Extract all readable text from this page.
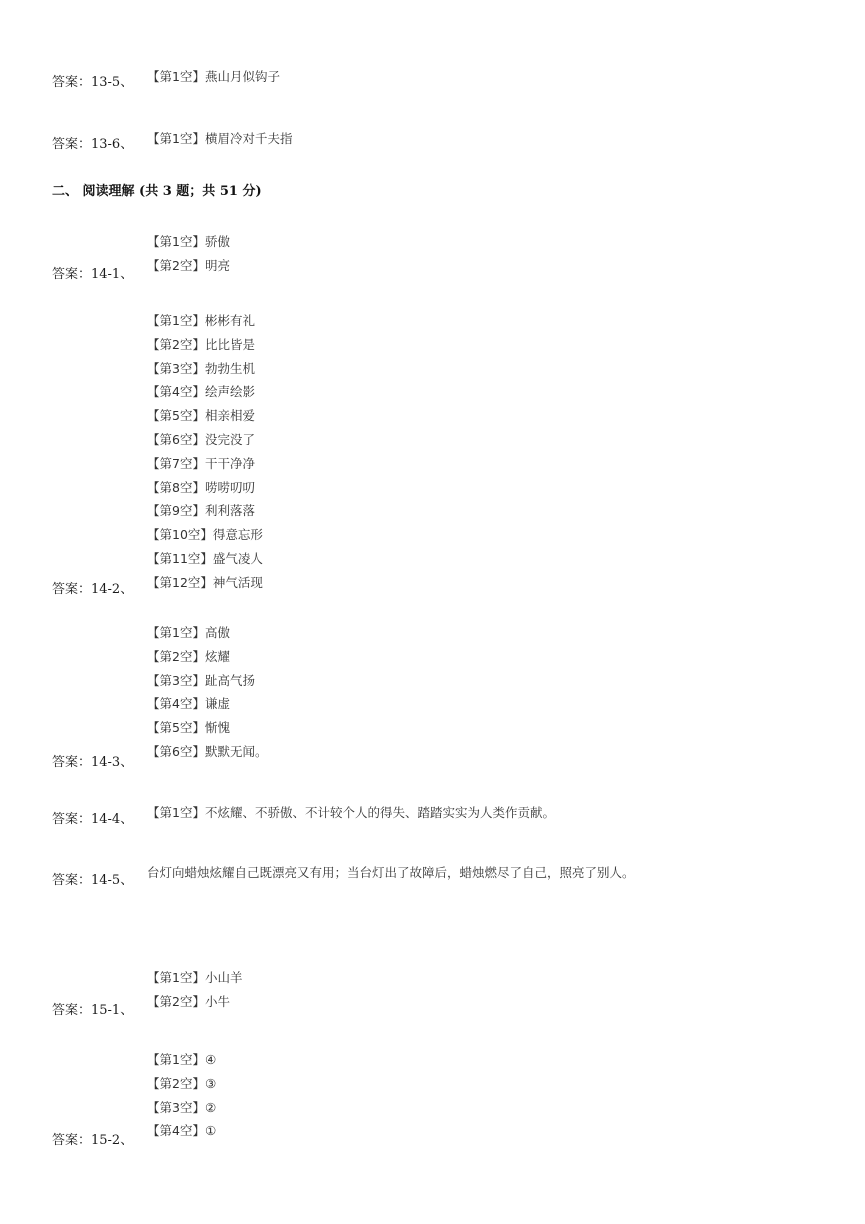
答案：13-5、 【第1空】燕山月似钩子
答案：13-6、 【第1空】横眉冷对千夫指
二、 阅读理解 (共 3 题；共 51 分)
【第1空】骄傲
【第2空】明亮
答案：14-1、
【第1空】彬彬有礼
【第2空】比比皆是
【第3空】勃勃生机
【第4空】绘声绘影
【第5空】相亲相爱
【第6空】没完没了
【第7空】干干净净
【第8空】唠唠叨叨
【第9空】利利落落
【第10空】得意忘形
【第11空】盛气凌人
【第12空】神气活现
答案：14-2、
【第1空】高傲
【第2空】炫耀
【第3空】趾高气扬
【第4空】谦虚
【第5空】惭愧
【第6空】默默无闻。
答案：14-3、
【第1空】不炫耀、不骄傲、不计较个人的得失、踏踏实实为人类作贡献。
答案：14-4、
台灯向蜡烛炫耀自己既漂亮又有用；当台灯出了故障后，蜡烛燃尽了自己，照亮了别人。
答案：14-5、
【第1空】小山羊
【第2空】小牛
答案：15-1、
【第1空】④
【第2空】③
【第3空】②
【第4空】①
答案：15-2、
